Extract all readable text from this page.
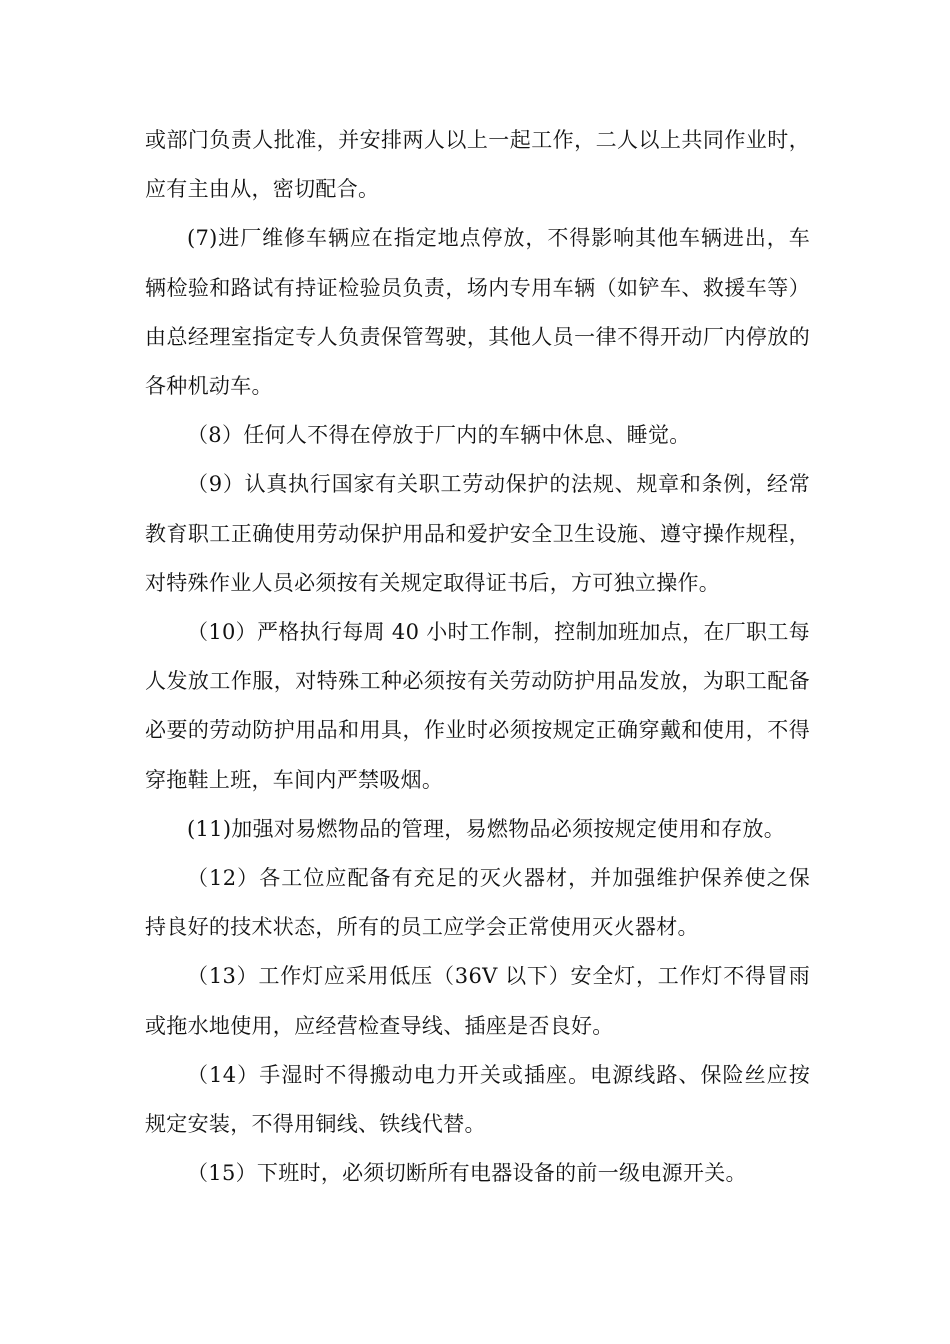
或部门负责人批准，并安排两人以上一起工作，二人以上共同作业时，应有主由从，密切配合。

(7)进厂维修车辆应在指定地点停放，不得影响其他车辆进出，车辆检验和路试有持证检验员负责，场内专用车辆（如铲车、救援车等）由总经理室指定专人负责保管驾驶，其他人员一律不得开动厂内停放的各种机动车。

（8）任何人不得在停放于厂内的车辆中休息、睡觉。

（9）认真执行国家有关职工劳动保护的法规、规章和条例，经常教育职工正确使用劳动保护用品和爱护安全卫生设施、遵守操作规程，对特殊作业人员必须按有关规定取得证书后，方可独立操作。

（10）严格执行每周 40 小时工作制，控制加班加点，在厂职工每人发放工作服，对特殊工种必须按有关劳动防护用品发放，为职工配备必要的劳动防护用品和用具，作业时必须按规定正确穿戴和使用，不得穿拖鞋上班，车间内严禁吸烟。

(11)加强对易燃物品的管理，易燃物品必须按规定使用和存放。

（12）各工位应配备有充足的灭火器材，并加强维护保养使之保持良好的技术状态，所有的员工应学会正常使用灭火器材。

（13）工作灯应采用低压（36V 以下）安全灯，工作灯不得冒雨或拖水地使用，应经营检查导线、插座是否良好。

（14）手湿时不得搬动电力开关或插座。电源线路、保险丝应按规定安装，不得用铜线、铁线代替。

（15）下班时，必须切断所有电器设备的前一级电源开关。
